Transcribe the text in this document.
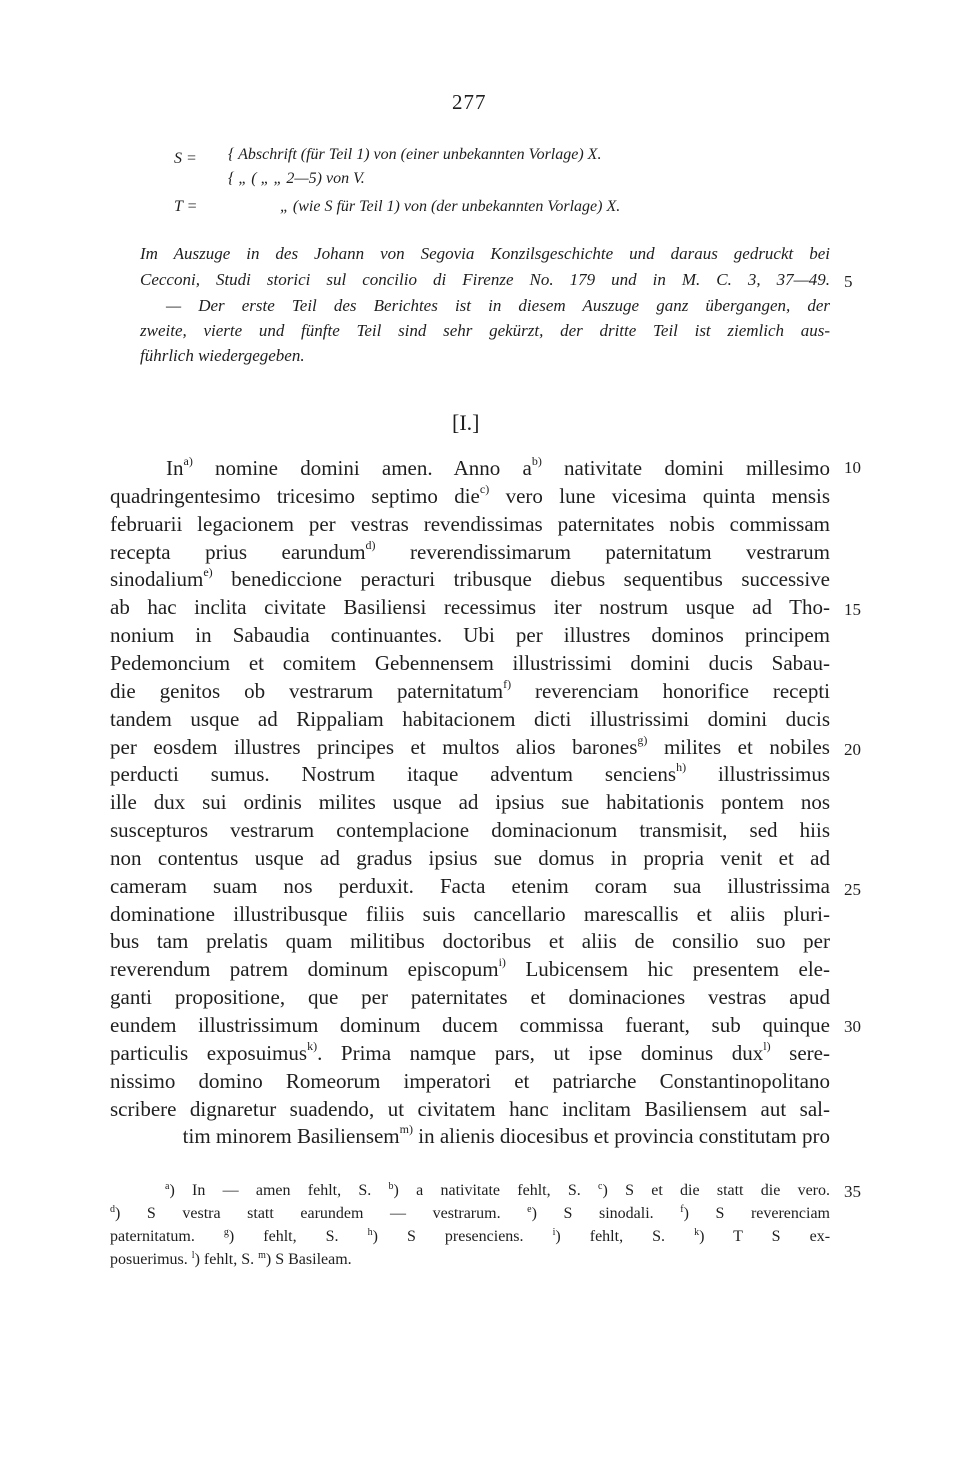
277
S = { Abschrift (für Teil 1) von (einer unbekannten Vorlage) X.
{ „ ( „ „ 2—5) von V.
T =	„ (wie S für Teil 1) von (der unbekannten Vorlage) X.
Im Auszuge in des Johann von Segovia Konzilsgeschichte und daraus gedruckt bei
Cecconi, Studi storici sul concilio di Firenze No. 179 und in M. C. 3, 37—49.
— Der erste Teil des Berichtes ist in diesem Auszuge ganz übergangen, der
zweite, vierte und fünfte Teil sind sehr gekürzt, der dritte Teil ist ziemlich aus-
führlich wiedergegeben.
[I.]
In$^{a)}$ nomine domini amen. Anno $a^{b)}$ nativitate domini millesimo
quadringentesimo tricesimo septimo die$^{c)}$ vero lune vicesima quinta mensis
februarii legacionem per vestras revendissimas paternitates nobis commissam
recepta prius earundum$^{d)}$ reverendissimarum paternitatum vestrarum
sinodalium$^{e)}$ benediccione peracturi tribusque diebus sequentibus successive
ab hac inclita civitate Basiliensi recessimus iter nostrum usque ad Tho-
nonium in Sabaudia continuantes. Ubi per illustres dominos principem
Pedemoncium et comitem Gebennensem illustrissimi domini ducis Sabau-
die genitos ob vestrarum paternitatum$^{f)}$ reverenciam honorifice recepti
tandem usque ad Rippaliam habitacionem dicti illustrissimi domini ducis
per eosdem illustres principes et multos alios barones$^{g)}$ milites et nobiles
perducti sumus. Nostrum itaque adventum senciens$^{h)}$ illustrissimus
ille dux sui ordinis milites usque ad ipsius sue habitationis pontem nos
suscepturos vestrarum contemplacione dominacionum transmisit, sed hiis
non contentus usque ad gradus ipsius sue domus in propria venit et ad
cameram suam nos perduxit. Facta etenim coram sua illustrissima
dominatione illustribusque filiis suis cancellario marescallis et aliis pluri-
bus tam prelatis quam militibus doctoribus et aliis de consilio suo per
reverendum patrem dominum episcopum$^{i)}$ Lubicensem hic presentem ele-
ganti propositione, que per paternitates et dominaciones vestras apud
eundem illustrissimum dominum ducem commissa fuerant, sub quinque
particulis exposuimus$^{k)}$. Prima namque pars, ut ipse dominus dux$^{l)}$ sere-
nissimo domino Romeorum imperatori et patriarche Constantinopolitano
scribere dignaretur suadendo, ut civitatem hanc inclitam Basiliensem aut sal-
tim minorem Basiliensem$^{m)}$ in alienis diocesibus et provincia constitutam pro
5
10
15
20
25
30
35
$^a$) In — amen fehlt, S. $^b$) a nativitate fehlt, S. $^c$) S et die statt die vero.
$^d$) S vestra statt earundem — vestrarum. $^e$) S sinodali. $^f$) S reverenciam
paternitatum. $^g$) fehlt, S. $^h$) S presenciens. $^i$) fehlt, S. $^k$) T S ex-
posuerimus. $^l$) fehlt, S. $^m$) S Basileam.
